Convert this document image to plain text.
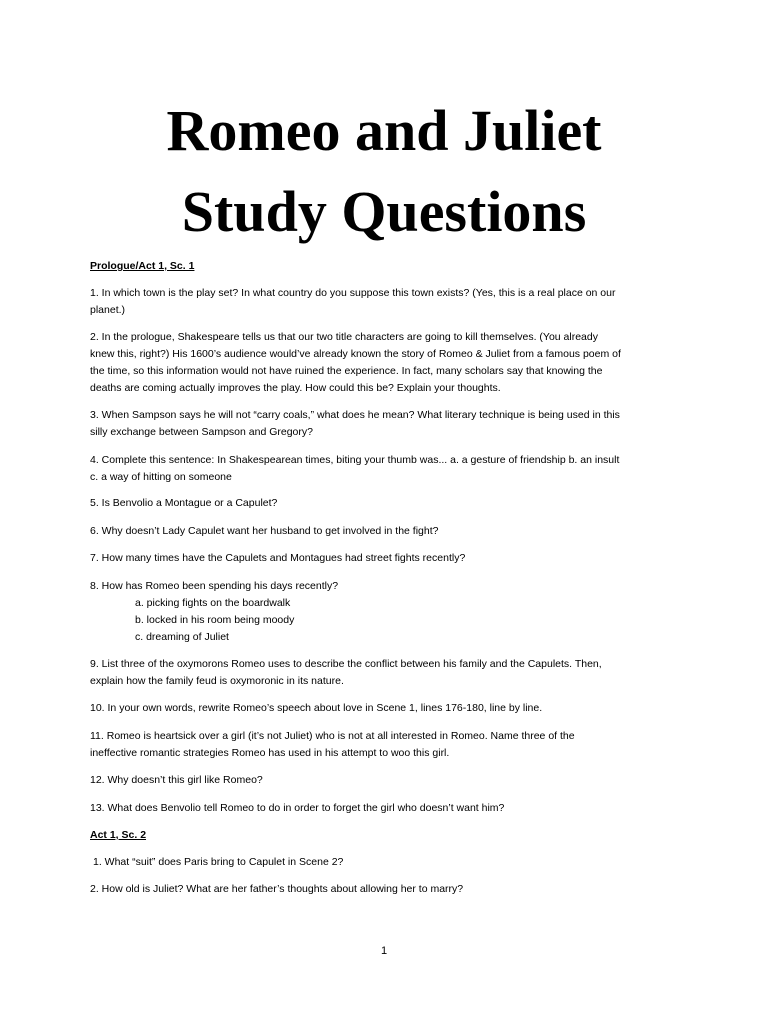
Romeo and Juliet
Study Questions
Prologue/Act 1, Sc. 1
1. In which town is the play set? In what country do you suppose this town exists? (Yes, this is a real place on our
planet.)
2. In the prologue, Shakespeare tells us that our two title characters are going to kill themselves. (You already
knew this, right?) His 1600’s audience would’ve already known the story of Romeo & Juliet from a famous poem of
the time, so this information would not have ruined the experience. In fact, many scholars say that knowing the
deaths are coming actually improves the play. How could this be? Explain your thoughts.
3. When Sampson says he will not “carry coals,” what does he mean? What literary technique is being used in this
silly exchange between Sampson and Gregory?
4. Complete this sentence: In Shakespearean times, biting your thumb was... a. a gesture of friendship b. an insult
c. a way of hitting on someone
5. Is Benvolio a Montague or a Capulet?
6. Why doesn’t Lady Capulet want her husband to get involved in the fight?
7. How many times have the Capulets and Montagues had street fights recently?
8. How has Romeo been spending his days recently?
a. picking fights on the boardwalk
b. locked in his room being moody
c. dreaming of Juliet
9. List three of the oxymorons Romeo uses to describe the conflict between his family and the Capulets. Then,
explain how the family feud is oxymoronic in its nature.
10. In your own words, rewrite Romeo’s speech about love in Scene 1, lines 176-180, line by line.
11. Romeo is heartsick over a girl (it’s not Juliet) who is not at all interested in Romeo. Name three of the
ineffective romantic strategies Romeo has used in his attempt to woo this girl.
12. Why doesn’t this girl like Romeo?
13. What does Benvolio tell Romeo to do in order to forget the girl who doesn’t want him?
Act 1, Sc. 2
1. What “suit” does Paris bring to Capulet in Scene 2?
2. How old is Juliet? What are her father’s thoughts about allowing her to marry?
1
